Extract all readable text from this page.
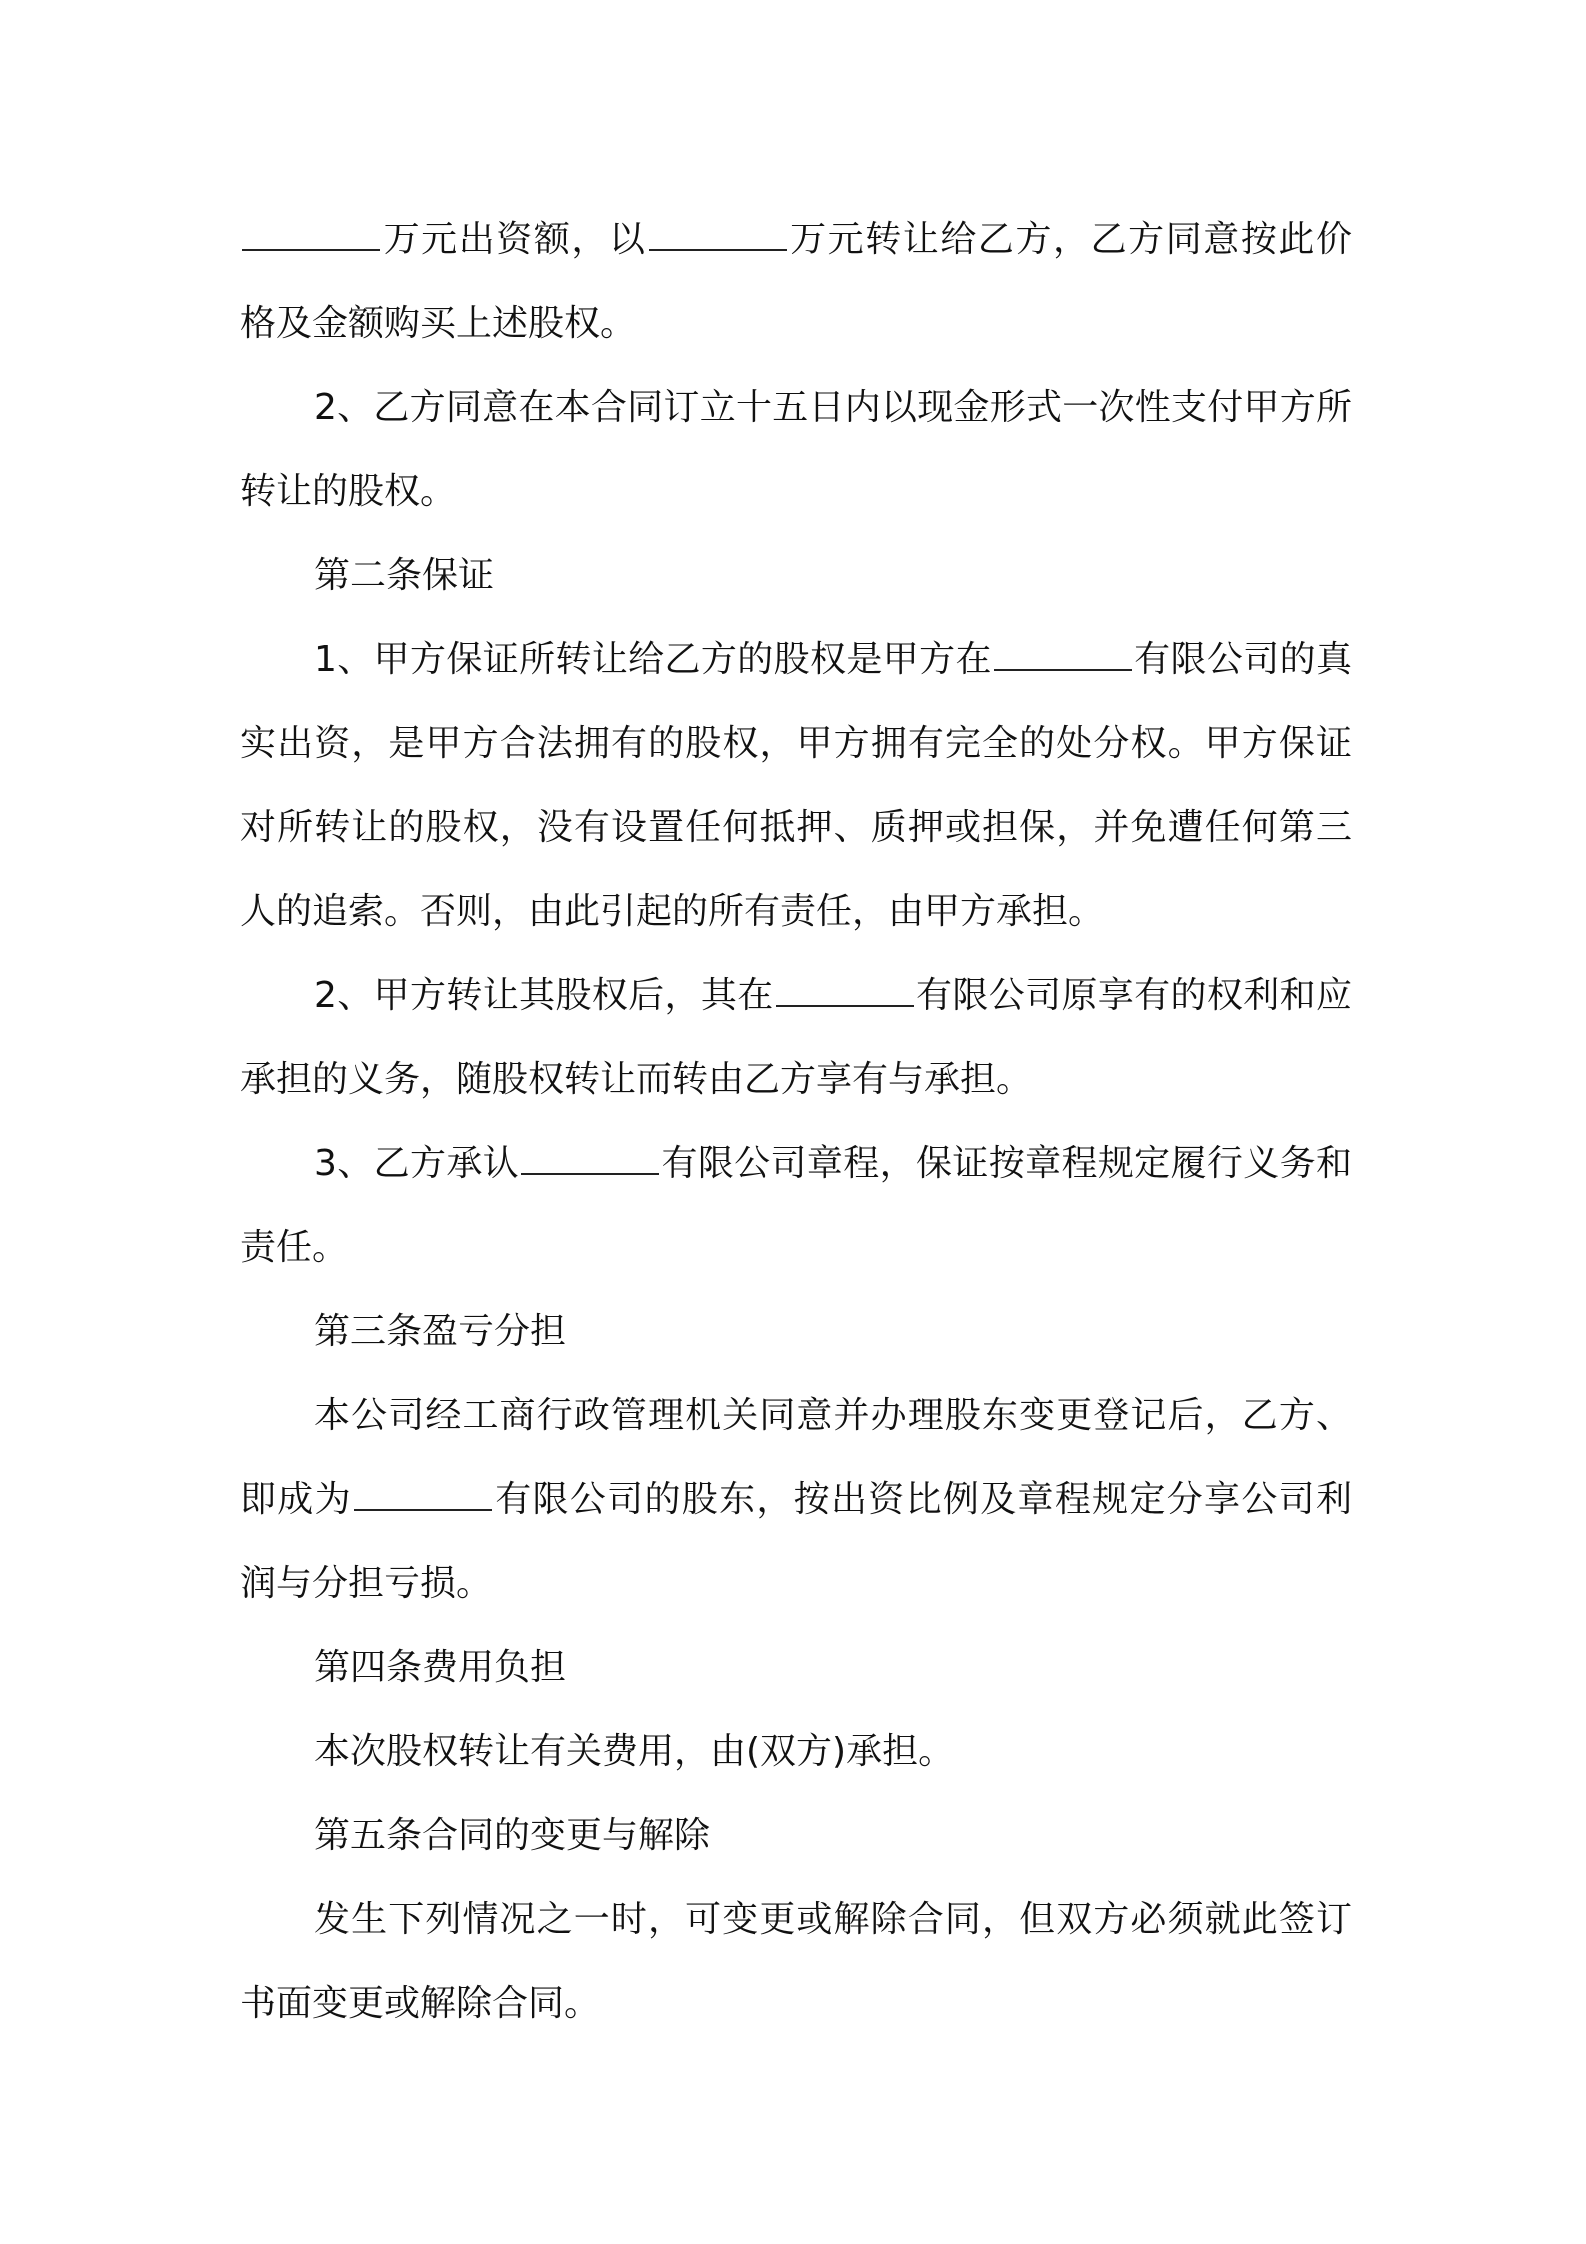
万元出资额，以	万元转让给乙方，乙方同意按此价格及金额购买上述股权。

2、乙方同意在本合同订立十五日内以现金形式一次性支付甲方所转让的股权。

第二条保证

1、甲方保证所转让给乙方的股权是甲方在	有限公司的真实出资，是甲方合法拥有的股权，甲方拥有完全的处分权。甲方保证对所转让的股权，没有设置任何抵押、质押或担保，并免遭任何第三人的追索。否则，由此引起的所有责任，由甲方承担。

2、甲方转让其股权后，其在	有限公司原享有的权利和应承担的义务，随股权转让而转由乙方享有与承担。

3、乙方承认	有限公司章程，保证按章程规定履行义务和责任。

第三条盈亏分担

本公司经工商行政管理机关同意并办理股东变更登记后，乙方、即成为	有限公司的股东，按出资比例及章程规定分享公司利润与分担亏损。

第四条费用负担

本次股权转让有关费用，由(双方)承担。

第五条合同的变更与解除

发生下列情况之一时，可变更或解除合同，但双方必须就此签订书面变更或解除合同。
